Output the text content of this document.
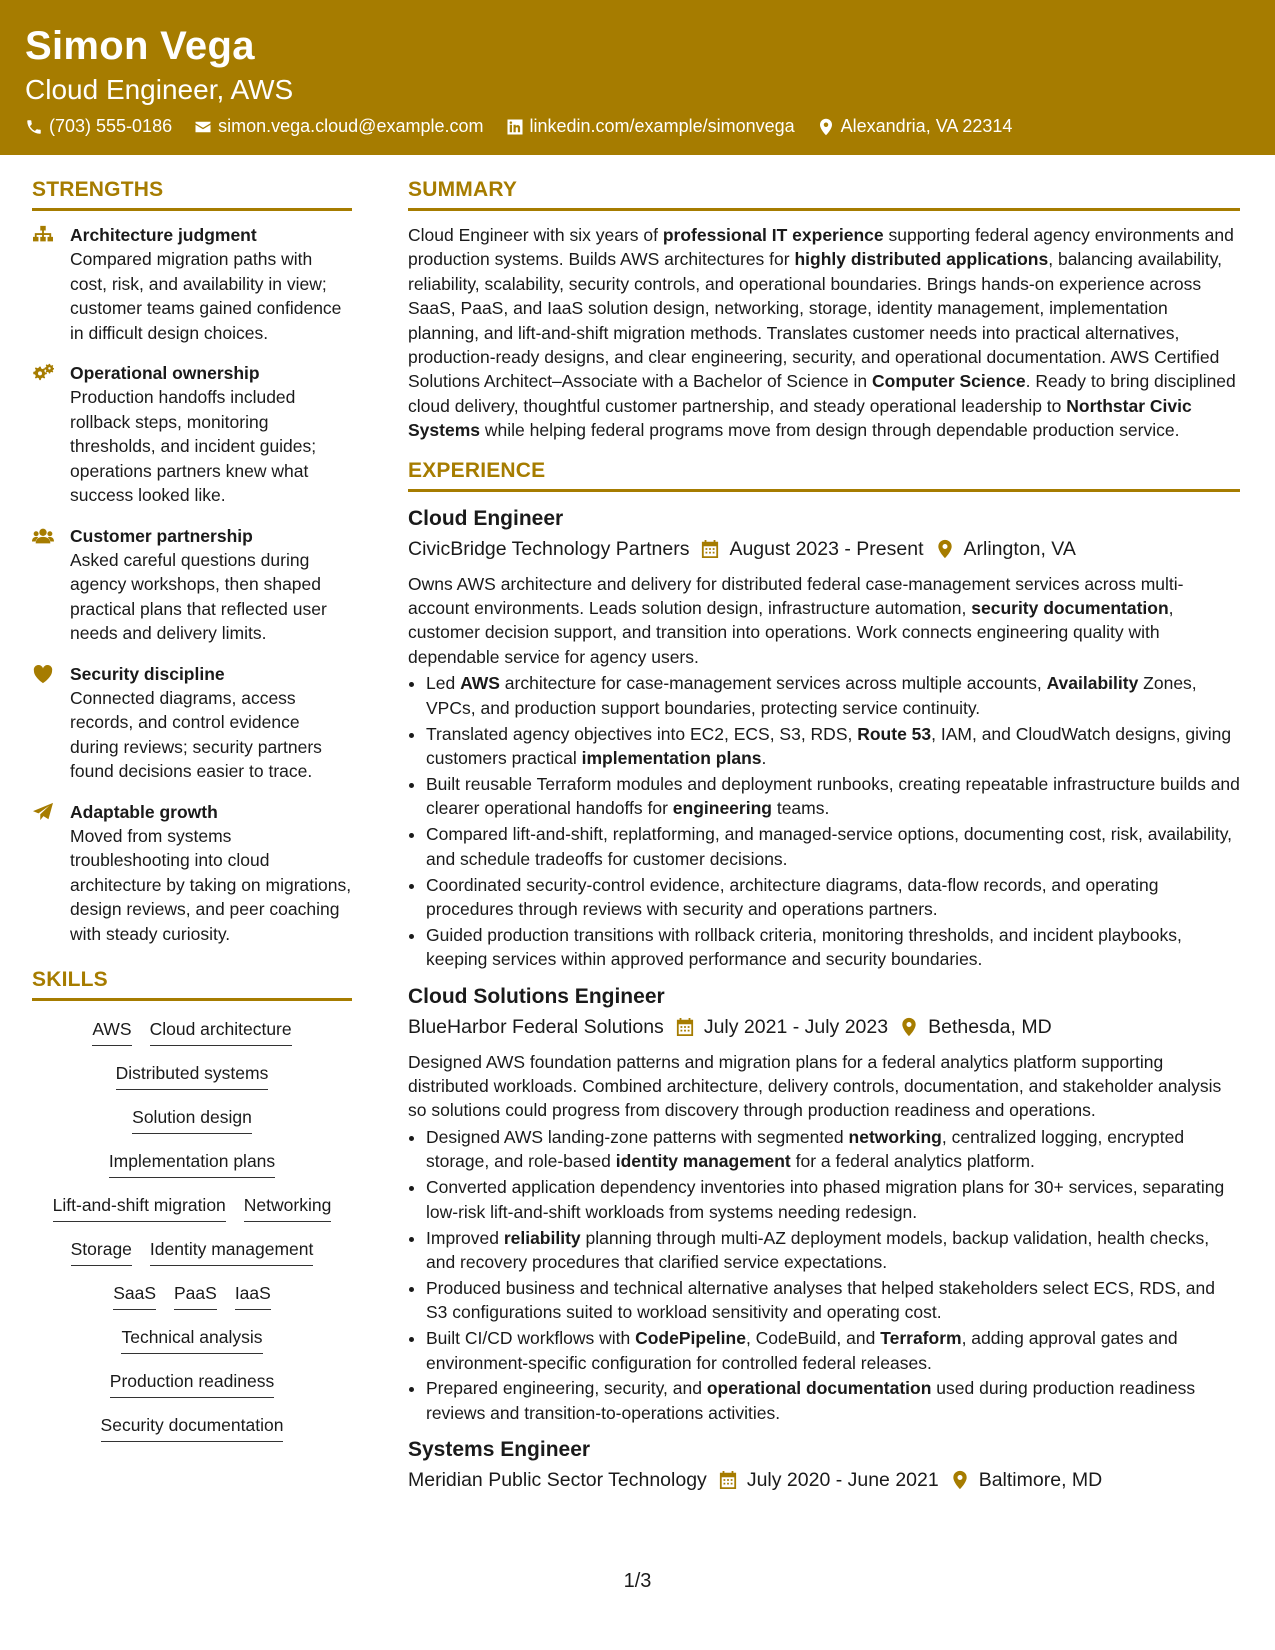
Simon Vega
Cloud Engineer, AWS
(703) 555-0186	simon.vega.cloud@example.com	linkedin.com/example/simonvega	Alexandria, VA 22314
STRENGTHS
Architecture judgment
Compared migration paths with cost, risk, and availability in view; customer teams gained confidence in difficult design choices.
Operational ownership
Production handoffs included rollback steps, monitoring thresholds, and incident guides; operations partners knew what success looked like.
Customer partnership
Asked careful questions during agency workshops, then shaped practical plans that reflected user needs and delivery limits.
Security discipline
Connected diagrams, access records, and control evidence during reviews; security partners found decisions easier to trace.
Adaptable growth
Moved from systems troubleshooting into cloud architecture by taking on migrations, design reviews, and peer coaching with steady curiosity.
SKILLS
AWS Cloud architecture
Distributed systems
Solution design
Implementation plans
Lift-and-shift migration Networking
Storage Identity management
SaaS PaaS IaaS
Technical analysis
Production readiness
Security documentation
SUMMARY

Cloud Engineer with six years of professional IT experience supporting federal agency environments and production systems. Builds AWS architectures for highly distributed applications, balancing availability, reliability, scalability, security controls, and operational boundaries. Brings hands-on experience across SaaS, PaaS, and IaaS solution design, networking, storage, identity management, implementation planning, and lift-and-shift migration methods. Translates customer needs into practical alternatives, production-ready designs, and clear engineering, security, and operational documentation. AWS Certified Solutions Architect–Associate with a Bachelor of Science in Computer Science. Ready to bring disciplined cloud delivery, thoughtful customer partnership, and steady operational leadership to Northstar Civic Systems while helping federal programs move from design through dependable production service.

EXPERIENCE
Cloud Engineer
CivicBridge Technology Partners August 2023 - Present Arlington, VA

Owns AWS architecture and delivery for distributed federal case-management services across multi-account environments. Leads solution design, infrastructure automation, security documentation, customer decision support, and transition into operations. Work connects engineering quality with dependable service for agency users.

• Led AWS architecture for case-management services across multiple accounts, Availability Zones, VPCs, and production support boundaries, protecting service continuity.
• Translated agency objectives into EC2, ECS, S3, RDS, Route 53, IAM, and CloudWatch designs, giving customers practical implementation plans.
• Built reusable Terraform modules and deployment runbooks, creating repeatable infrastructure builds and clearer operational handoffs for engineering teams.
• Compared lift-and-shift, replatforming, and managed-service options, documenting cost, risk, availability, and schedule tradeoffs for customer decisions.
• Coordinated security-control evidence, architecture diagrams, data-flow records, and operating procedures through reviews with security and operations partners.
• Guided production transitions with rollback criteria, monitoring thresholds, and incident playbooks, keeping services within approved performance and security boundaries.
Cloud Solutions Engineer
BlueHarbor Federal Solutions July 2021 - July 2023 Bethesda, MD

Designed AWS foundation patterns and migration plans for a federal analytics platform supporting distributed workloads. Combined architecture, delivery controls, documentation, and stakeholder analysis so solutions could progress from discovery through production readiness and operations.

• Designed AWS landing-zone patterns with segmented networking, centralized logging, encrypted storage, and role-based identity management for a federal analytics platform.
• Converted application dependency inventories into phased migration plans for 30+ services, separating low-risk lift-and-shift workloads from systems needing redesign.
• Improved reliability planning through multi-AZ deployment models, backup validation, health checks, and recovery procedures that clarified service expectations.
• Produced business and technical alternative analyses that helped stakeholders select ECS, RDS, and S3 configurations suited to workload sensitivity and operating cost.
• Built CI/CD workflows with CodePipeline, CodeBuild, and Terraform, adding approval gates and environment-specific configuration for controlled federal releases.
• Prepared engineering, security, and operational documentation used during production readiness reviews and transition-to-operations activities.
Systems Engineer
Meridian Public Sector Technology July 2020 - June 2021 Baltimore, MD
1/3
